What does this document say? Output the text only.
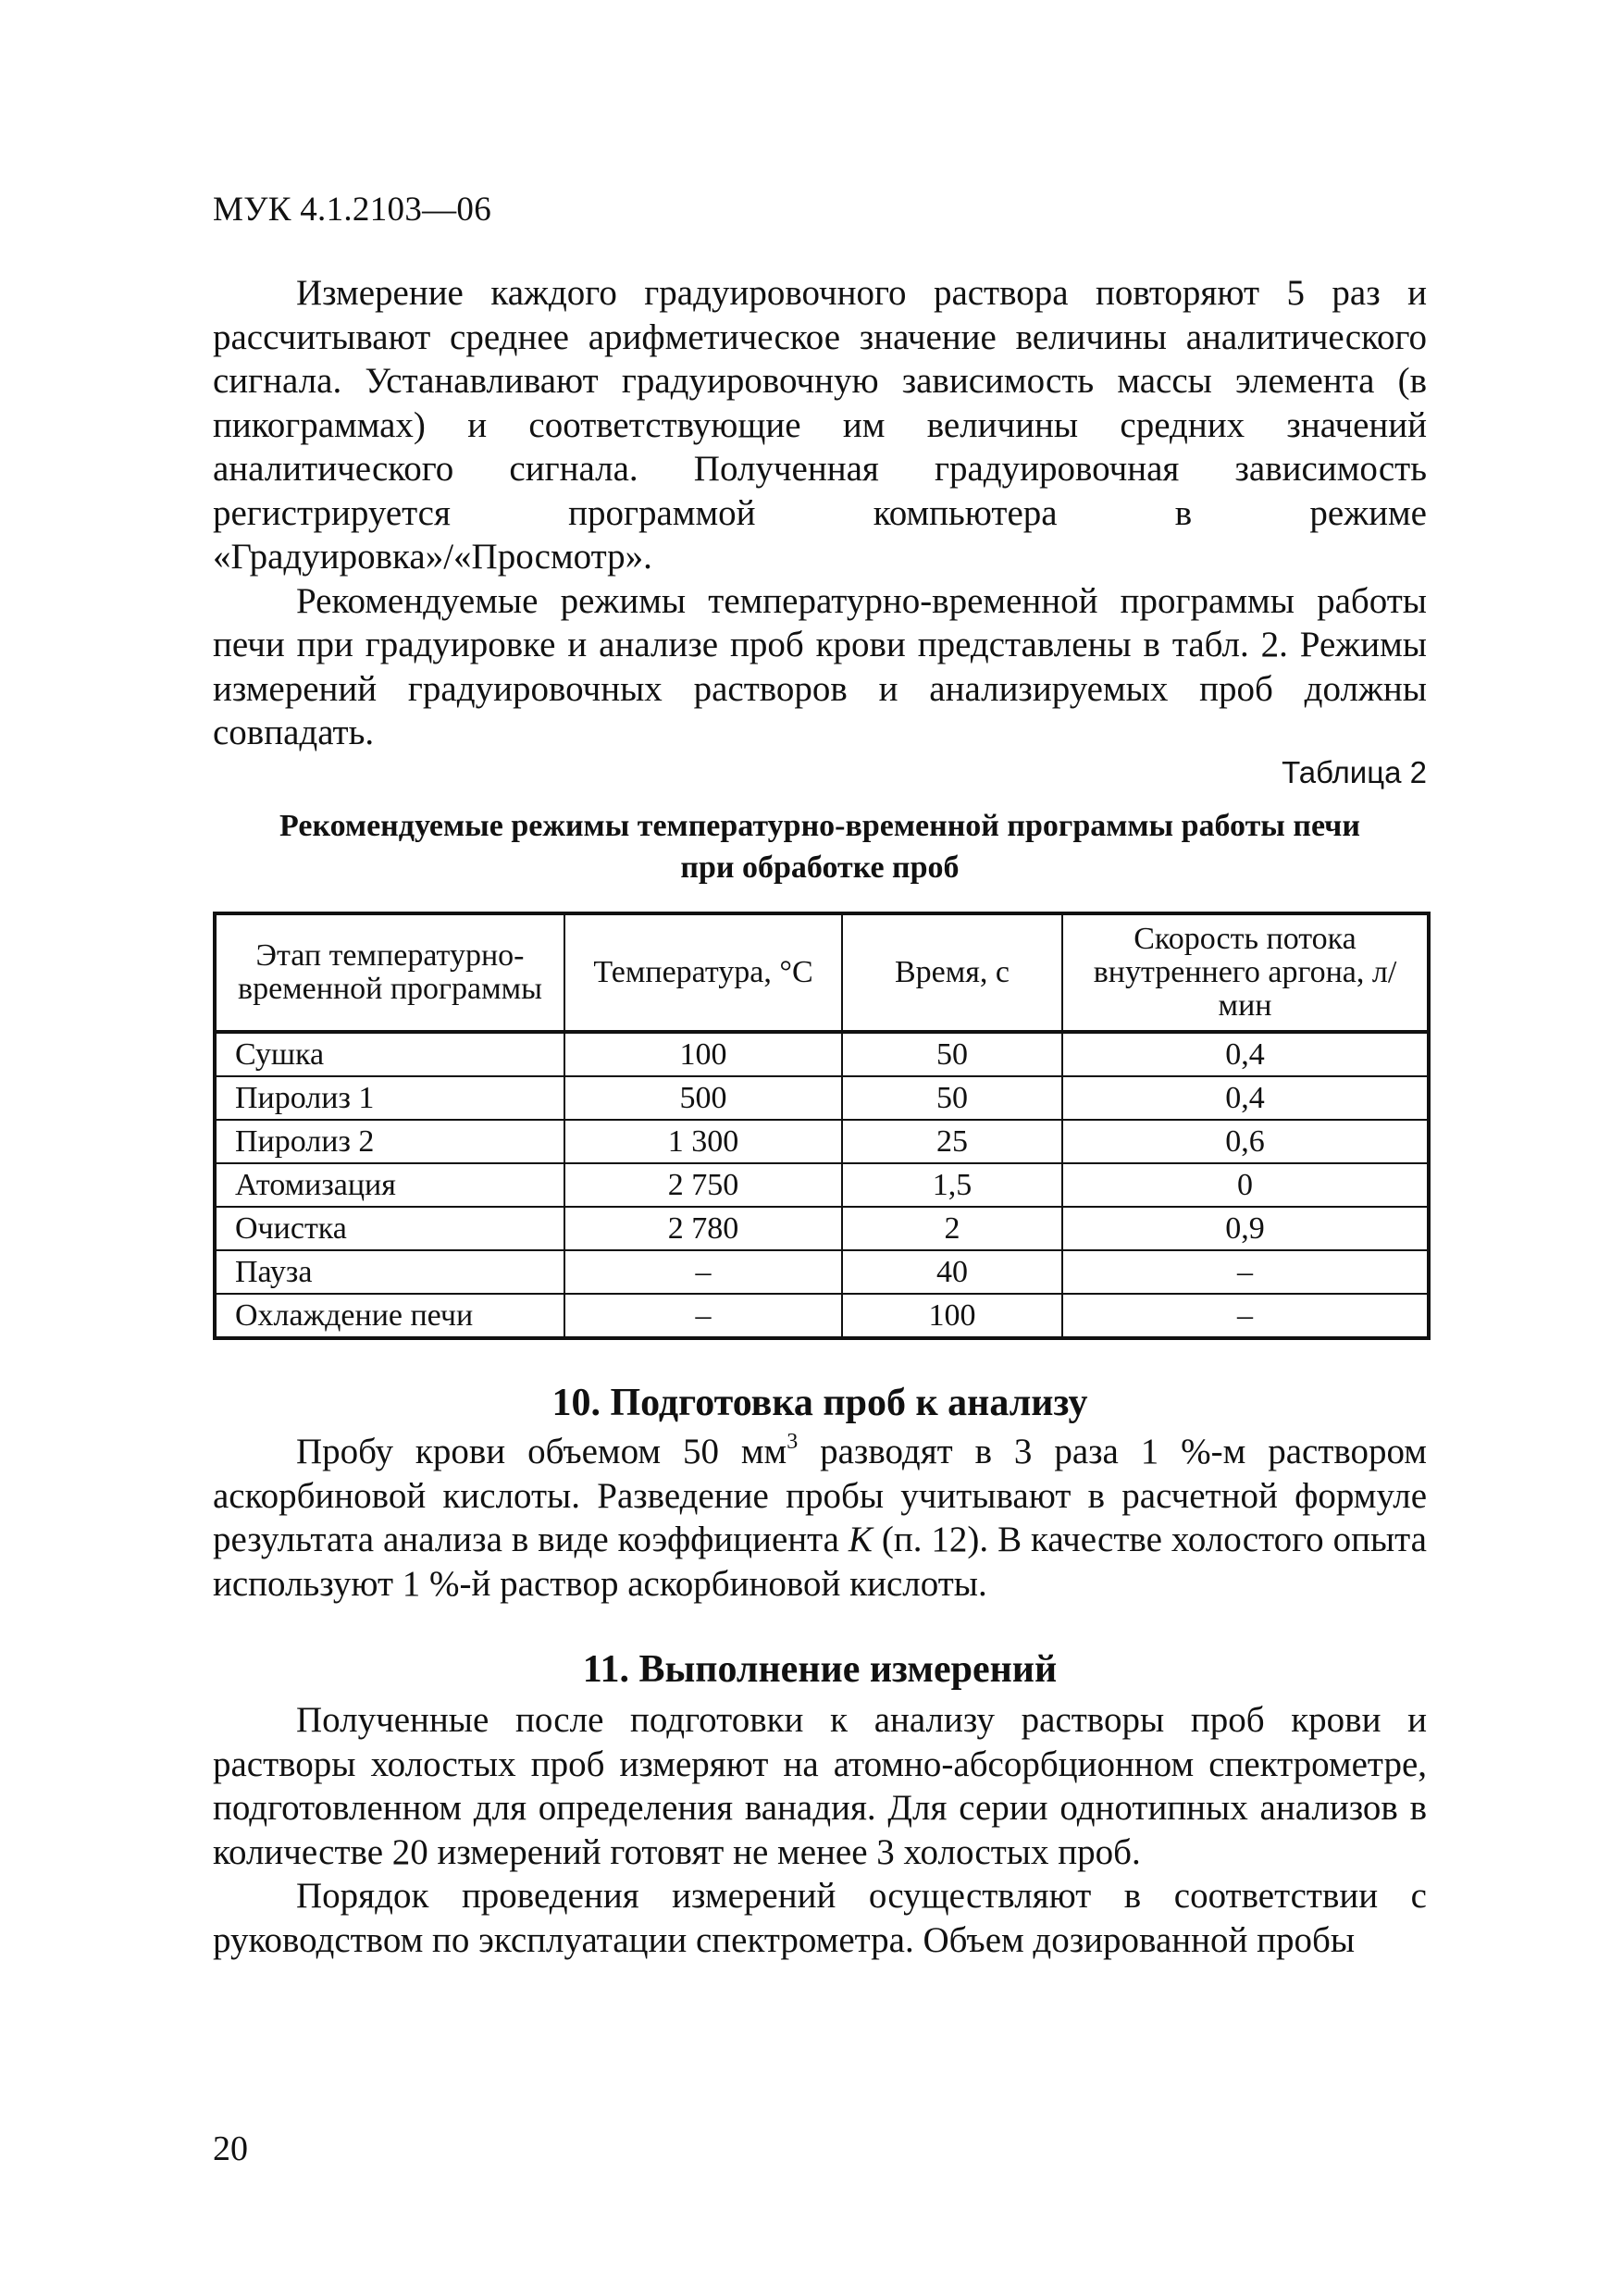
МУК 4.1.2103—06

Измерение каждого градуировочного раствора повторяют 5 раз и рассчитывают среднее арифметическое значение величины аналитического сигнала. Устанавливают градуировочную зависимость массы элемента (в пикограммах) и соответствующие им величины средних значений аналитического сигнала. Полученная градуировочная зависимость регистрируется программой компьютера в режиме «Градуировка»/«Просмотр».

Рекомендуемые режимы температурно-временной программы работы печи при градуировке и анализе проб крови представлены в табл. 2. Режимы измерений градуировочных растворов и анализируемых проб должны совпадать.

Таблица 2
Рекомендуемые режимы температурно-временной программы работы печи
при обработке проб
Этап температурно-временной программы	Температура, °С	Время, с	Скорость потока внутреннего аргона, л/мин
Сушка	100	50	0,4
Пиролиз 1	500	50	0,4
Пиролиз 2	1 300	25	0,6
Атомизация	2 750	1,5	0
Очистка	2 780	2	0,9
Пауза	–	40	–
Охлаждение печи	–	100	–
10. Подготовка проб к анализу

Пробу крови объемом 50 $мм^3$ разводят в 3 раза 1 %-м раствором аскорбиновой кислоты. Разведение пробы учитывают в расчетной формуле результата анализа в виде коэффициента K (п. 12). В качестве холостого опыта используют 1 %-й раствор аскорбиновой кислоты.

11. Выполнение измерений

Полученные после подготовки к анализу растворы проб крови и растворы холостых проб измеряют на атомно-абсорбционном спектрометре, подготовленном для определения ванадия. Для серии однотипных анализов в количестве 20 измерений готовят не менее 3 холостых проб.

Порядок проведения измерений осуществляют в соответствии с руководством по эксплуатации спектрометра. Объем дозированной пробы

20
